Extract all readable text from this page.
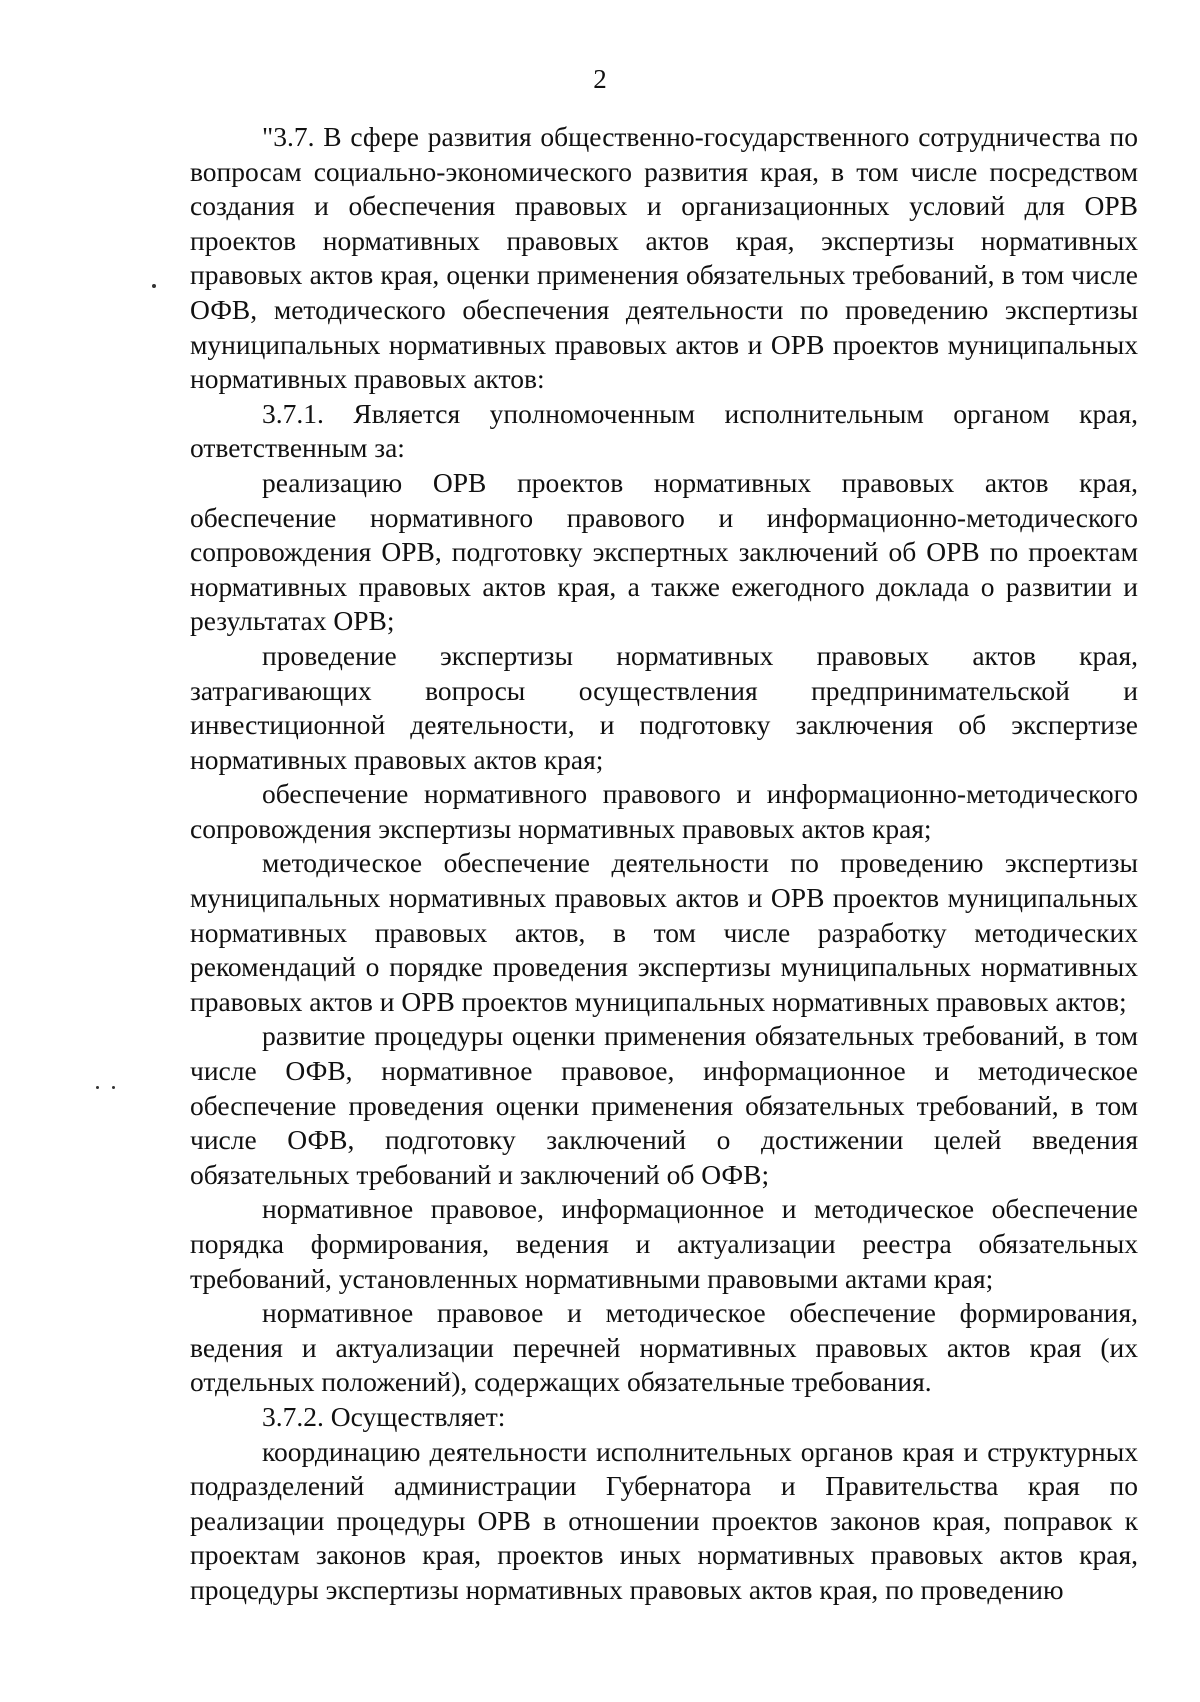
2

"3.7. В сфере развития общественно-государственного сотрудничества по вопросам социально-экономического развития края, в том числе посредством создания и обеспечения правовых и организационных условий для ОРВ проектов нормативных правовых актов края, экспертизы нормативных правовых актов края, оценки применения обязательных требований, в том числе ОФВ, методического обеспечения деятельности по проведению экспертизы муниципальных нормативных правовых актов и ОРВ проектов муниципальных нормативных правовых актов:

3.7.1. Является уполномоченным исполнительным органом края, ответственным за:

реализацию ОРВ проектов нормативных правовых актов края, обеспечение нормативного правового и информационно-методического сопровождения ОРВ, подготовку экспертных заключений об ОРВ по проектам нормативных правовых актов края, а также ежегодного доклада о развитии и результатах ОРВ;

проведение экспертизы нормативных правовых актов края, затрагивающих вопросы осуществления предпринимательской и инвестиционной деятельности, и подготовку заключения об экспертизе нормативных правовых актов края;

обеспечение нормативного правового и информационно-методического сопровождения экспертизы нормативных правовых актов края;

методическое обеспечение деятельности по проведению экспертизы муниципальных нормативных правовых актов и ОРВ проектов муниципальных нормативных правовых актов, в том числе разработку методических рекомендаций о порядке проведения экспертизы муниципальных нормативных правовых актов и ОРВ проектов муниципальных нормативных правовых актов;

развитие процедуры оценки применения обязательных требований, в том числе ОФВ, нормативное правовое, информационное и методическое обеспечение проведения оценки применения обязательных требований, в том числе ОФВ, подготовку заключений о достижении целей введения обязательных требований и заключений об ОФВ;

нормативное правовое, информационное и методическое обеспечение порядка формирования, ведения и актуализации реестра обязательных требований, установленных нормативными правовыми актами края;

нормативное правовое и методическое обеспечение формирования, ведения и актуализации перечней нормативных правовых актов края (их отдельных положений), содержащих обязательные требования.

3.7.2. Осуществляет:

координацию деятельности исполнительных органов края и структурных подразделений администрации Губернатора и Правительства края по реализации процедуры ОРВ в отношении проектов законов края, поправок к проектам законов края, проектов иных нормативных правовых актов края, процедуры экспертизы нормативных правовых актов края, по проведению
